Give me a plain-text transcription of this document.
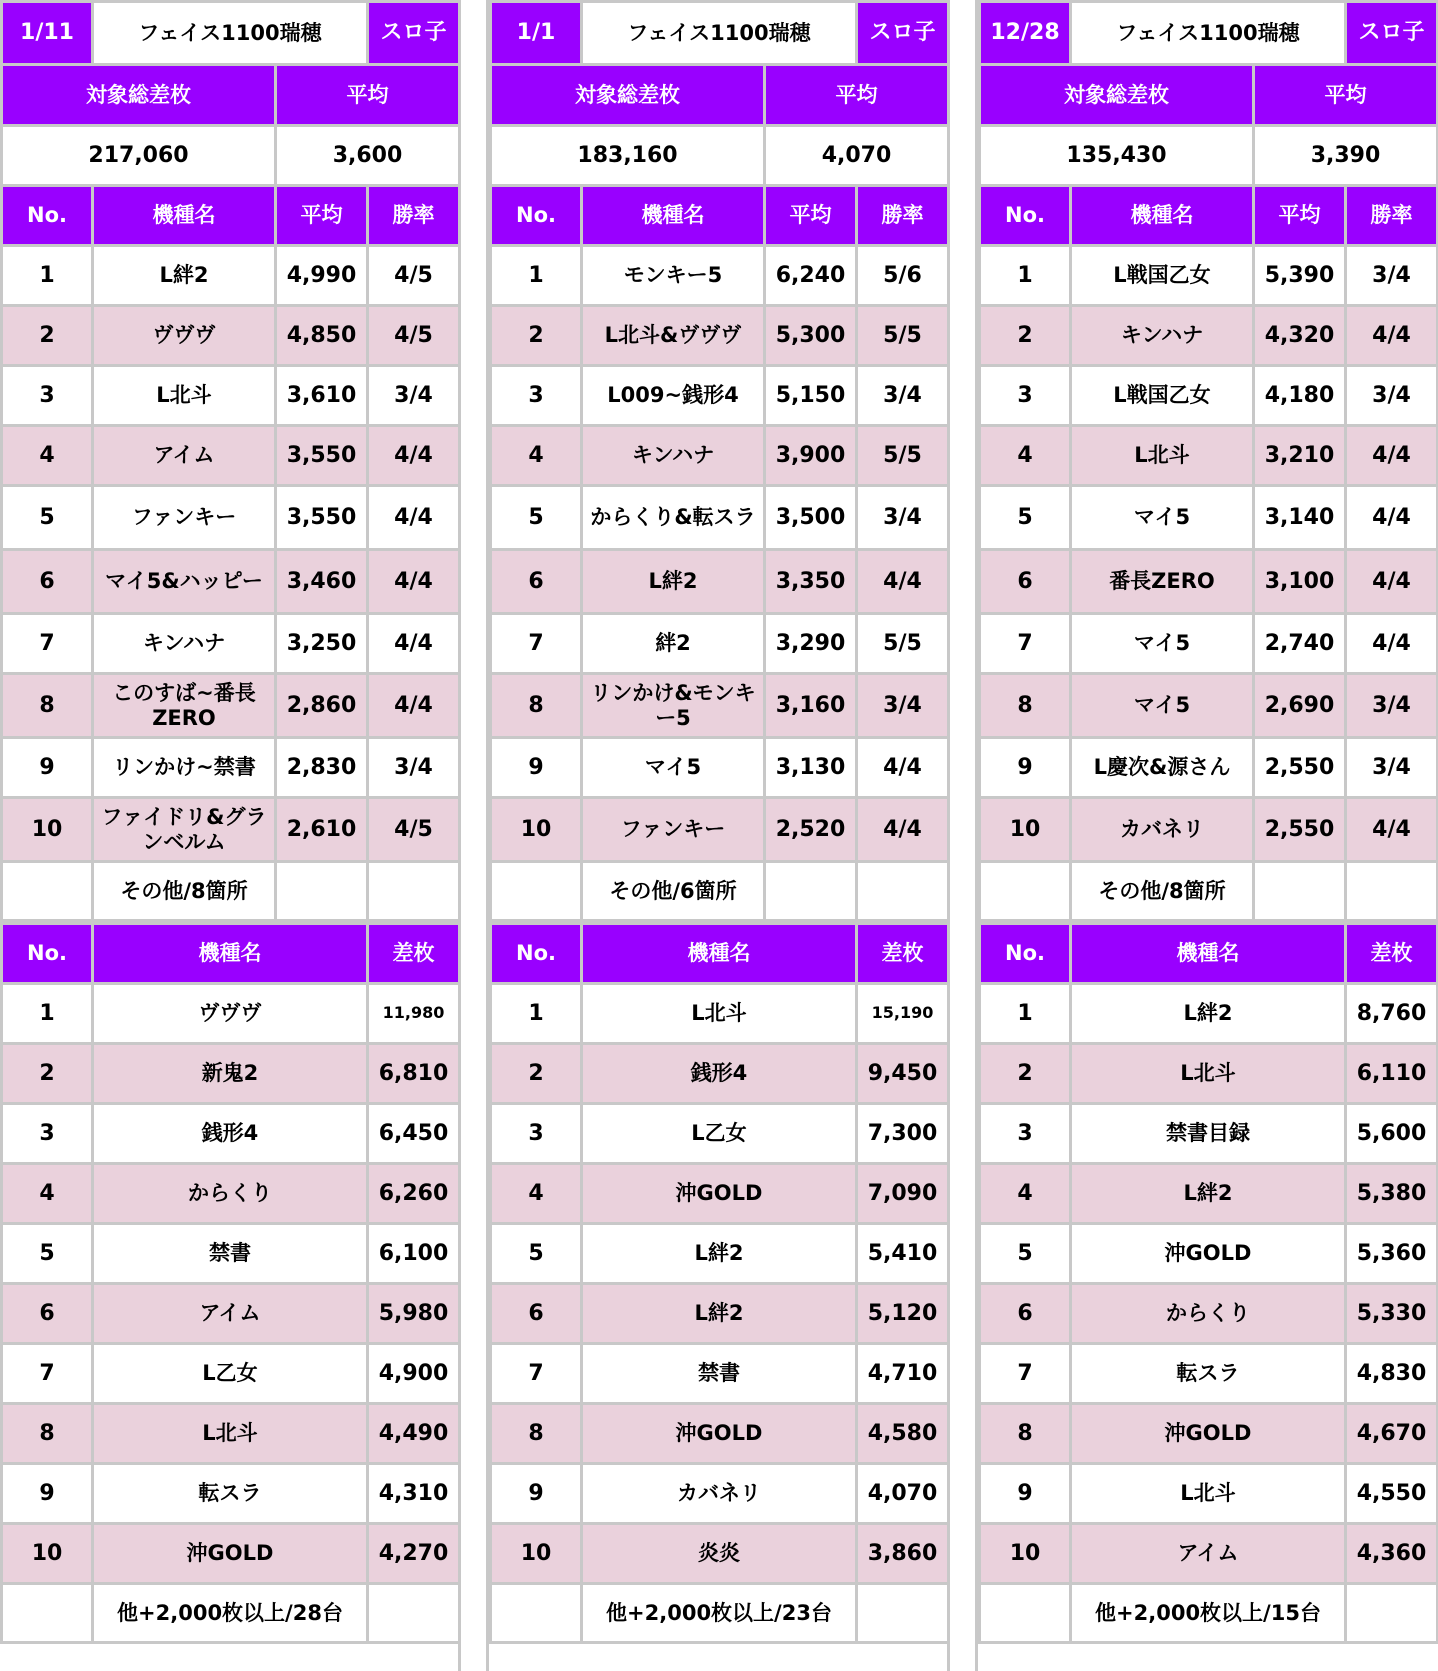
1/11	フェイス1100瑞穂		スロ子
対象総差枚		平均	
217,060		3,600	
No.	機種名	平均	勝率
1	L絆2	4,990	4/5
2	ヴヴヴ	4,850	4/5
3	L北斗	3,610	3/4
4	アイム	3,550	4/4
5	ファンキー	3,550	4/4
6	マイ5&ハッピー	3,460	4/4
7	キンハナ	3,250	4/4
8	このすば~番長ZERO	2,860	4/4
9	リンかけ~禁書	2,830	3/4
10	ファイドリ&グランベルム	2,610	4/5
	その他/8箇所		
No.	機種名	差枚
1	ヴヴヴ	11,980
2	新鬼2	6,810
3	銭形4	6,450
4	からくり	6,260
5	禁書	6,100
6	アイム	5,980
7	L乙女	4,900
8	L北斗	4,490
9	転スラ	4,310
10	沖GOLD	4,270
	他+2,000枚以上/28台	
1/1	フェイス1100瑞穂		スロ子
対象総差枚		平均	
183,160		4,070	
No.	機種名	平均	勝率
1	モンキー5	6,240	5/6
2	L北斗&ヴヴヴ	5,300	5/5
3	L009~銭形4	5,150	3/4
4	キンハナ	3,900	5/5
5	からくり&転スラ	3,500	3/4
6	L絆2	3,350	4/4
7	絆2	3,290	5/5
8	リンかけ&モンキー5	3,160	3/4
9	マイ5	3,130	4/4
10	ファンキー	2,520	4/4
	その他/6箇所		
No.	機種名	差枚
1	L北斗	15,190
2	銭形4	9,450
3	L乙女	7,300
4	沖GOLD	7,090
5	L絆2	5,410
6	L絆2	5,120
7	禁書	4,710
8	沖GOLD	4,580
9	カバネリ	4,070
10	炎炎	3,860
	他+2,000枚以上/23台	
12/28	フェイス1100瑞穂		スロ子
対象総差枚		平均	
135,430		3,390	
No.	機種名	平均	勝率
1	L戦国乙女	5,390	3/4
2	キンハナ	4,320	4/4
3	L戦国乙女	4,180	3/4
4	L北斗	3,210	4/4
5	マイ5	3,140	4/4
6	番長ZERO	3,100	4/4
7	マイ5	2,740	4/4
8	マイ5	2,690	3/4
9	L慶次&源さん	2,550	3/4
10	カバネリ	2,550	4/4
	その他/8箇所		
No.	機種名	差枚
1	L絆2	8,760
2	L北斗	6,110
3	禁書目録	5,600
4	L絆2	5,380
5	沖GOLD	5,360
6	からくり	5,330
7	転スラ	4,830
8	沖GOLD	4,670
9	L北斗	4,550
10	アイム	4,360
	他+2,000枚以上/15台	
